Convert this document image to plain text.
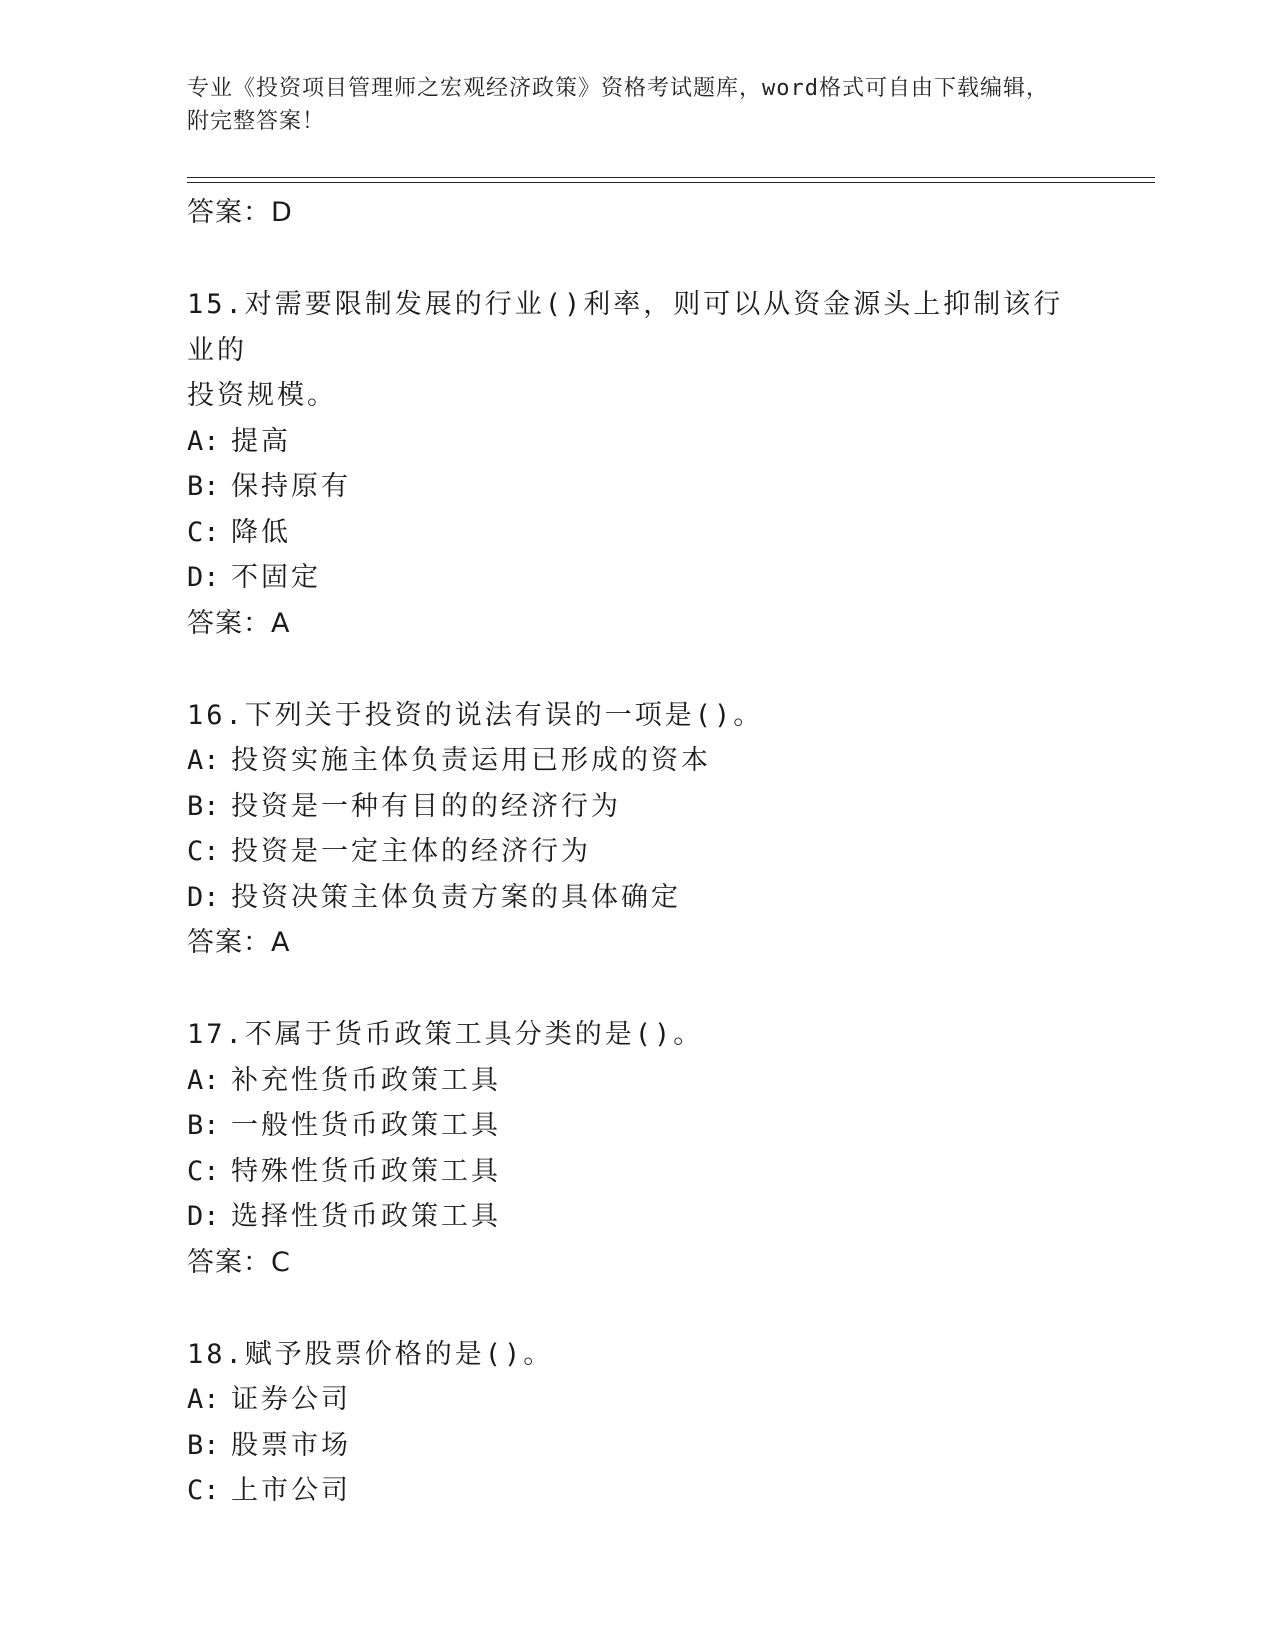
专业《投资项目管理师之宏观经济政策》资格考试题库，word格式可自由下载编辑，附完整答案！
答案：D
15.对需要限制发展的行业()利率，则可以从资金源头上抑制该行业的
投资规模。
A: 提高
B: 保持原有
C: 降低
D: 不固定
答案：A
16.下列关于投资的说法有误的一项是()。
A: 投资实施主体负责运用已形成的资本
B: 投资是一种有目的的经济行为
C: 投资是一定主体的经济行为
D: 投资决策主体负责方案的具体确定
答案：A
17.不属于货币政策工具分类的是()。
A: 补充性货币政策工具
B: 一般性货币政策工具
C: 特殊性货币政策工具
D: 选择性货币政策工具
答案：C
18.赋予股票价格的是()。
A: 证券公司
B: 股票市场
C: 上市公司
